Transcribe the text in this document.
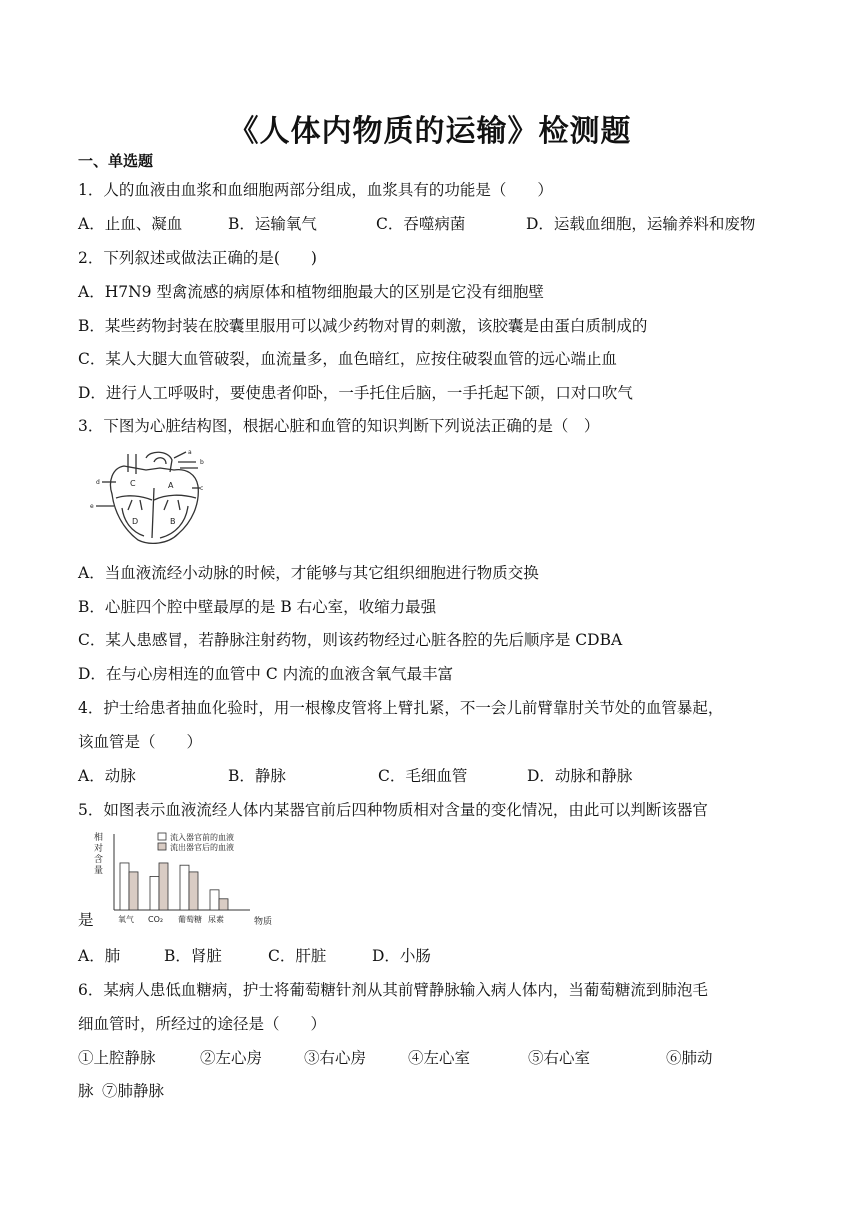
《人体内物质的运输》检测题
一、单选题
1．人的血液由血浆和血细胞两部分组成，血浆具有的功能是（　　）
A．止血、凝血	B．运输氧气	C．吞噬病菌	D．运载血细胞，运输养料和废物
2．下列叙述或做法正确的是(　　)
A．H7N9 型禽流感的病原体和植物细胞最大的区别是它没有细胞壁
B．某些药物封装在胶囊里服用可以减少药物对胃的刺激，该胶囊是由蛋白质制成的
C．某人大腿大血管破裂，血流量多，血色暗红，应按住破裂血管的远心端止血
D．进行人工呼吸时，要使患者仰卧，一手托住后脑，一手托起下颌，口对口吹气
3．下图为心脏结构图，根据心脏和血管的知识判断下列说法正确的是（　）
C	A
D	B
a
b
c
d
e
A．当血液流经小动脉的时候，才能够与其它组织细胞进行物质交换
B．心脏四个腔中壁最厚的是 B 右心室，收缩力最强
C．某人患感冒，若静脉注射药物，则该药物经过心脏各腔的先后顺序是 CDBA
D．在与心房相连的血管中 C 内流的血液含氧气最丰富
4．护士给患者抽血化验时，用一根橡皮管将上臂扎紧，不一会儿前臂靠肘关节处的血管暴起，
该血管是（　　）
A．动脉	B．静脉	C．毛细血管	D．动脉和静脉
5．如图表示血液流经人体内某器官前后四种物质相对含量的变化情况，由此可以判断该器官
相
对
含
量
物质
流入器官前的血液
流出器官后的血液
氧气 CO₂ 葡萄糖 尿素
是
A．肺	B．肾脏	C．肝脏	D．小肠
6．某病人患低血糖病，护士将葡萄糖针剂从其前臂静脉输入病人体内，当葡萄糖流到肺泡毛
细血管时，所经过的途径是（　　）
①上腔静脉	②左心房	③右心房	④左心室	⑤右心室	⑥肺动
脉 ⑦肺静脉
